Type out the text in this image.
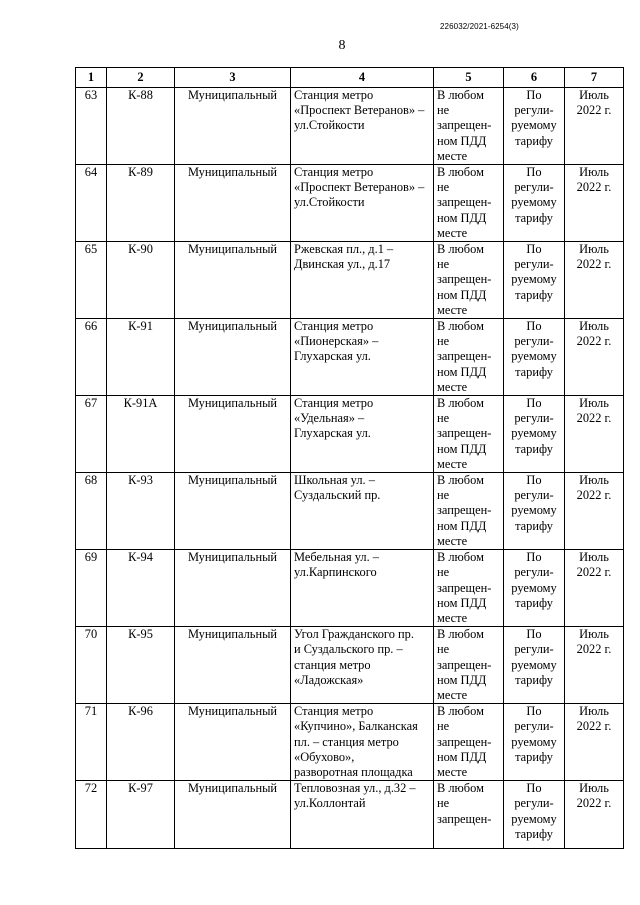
226032/2021-6254(3)
8
1	2	3	4	5	6	7

63	К-88	Муниципальный	Станция метро
«Проспект Ветеранов» –
ул.Стойкости	В любом
не
запрещен-
ном ПДД
месте	По
регули-
руемому
тарифу	Июль
2022 г.

64	К-89	Муниципальный	Станция метро
«Проспект Ветеранов» –
ул.Стойкости	В любом
не
запрещен-
ном ПДД
месте	По
регули-
руемому
тарифу	Июль
2022 г.

65	К-90	Муниципальный	Ржевская пл., д.1 –
Двинская ул., д.17	В любом
не
запрещен-
ном ПДД
месте	По
регули-
руемому
тарифу	Июль
2022 г.

66	К-91	Муниципальный	Станция метро
«Пионерская» –
Глухарская ул.	В любом
не
запрещен-
ном ПДД
месте	По
регули-
руемому
тарифу	Июль
2022 г.

67	К-91А	Муниципальный	Станция метро
«Удельная» –
Глухарская ул.	В любом
не
запрещен-
ном ПДД
месте	По
регули-
руемому
тарифу	Июль
2022 г.

68	К-93	Муниципальный	Школьная ул. –
Суздальский пр.	В любом
не
запрещен-
ном ПДД
месте	По
регули-
руемому
тарифу	Июль
2022 г.

69	К-94	Муниципальный	Мебельная ул. –
ул.Карпинского	В любом
не
запрещен-
ном ПДД
месте	По
регули-
руемому
тарифу	Июль
2022 г.

70	К-95	Муниципальный	Угол Гражданского пр.
и Суздальского пр. –
станция метро
«Ладожская»	В любом
не
запрещен-
ном ПДД
месте	По
регули-
руемому
тарифу	Июль
2022 г.

71	К-96	Муниципальный	Станция метро
«Купчино», Балканская
пл. – станция метро
«Обухово»,
разворотная площадка	В любом
не
запрещен-
ном ПДД
месте	По
регули-
руемому
тарифу	Июль
2022 г.

72	К-97	Муниципальный	Тепловозная ул., д.32 –
ул.Коллонтай	В любом
не
запрещен-	По
регули-
руемому
тарифу	Июль
2022 г.
